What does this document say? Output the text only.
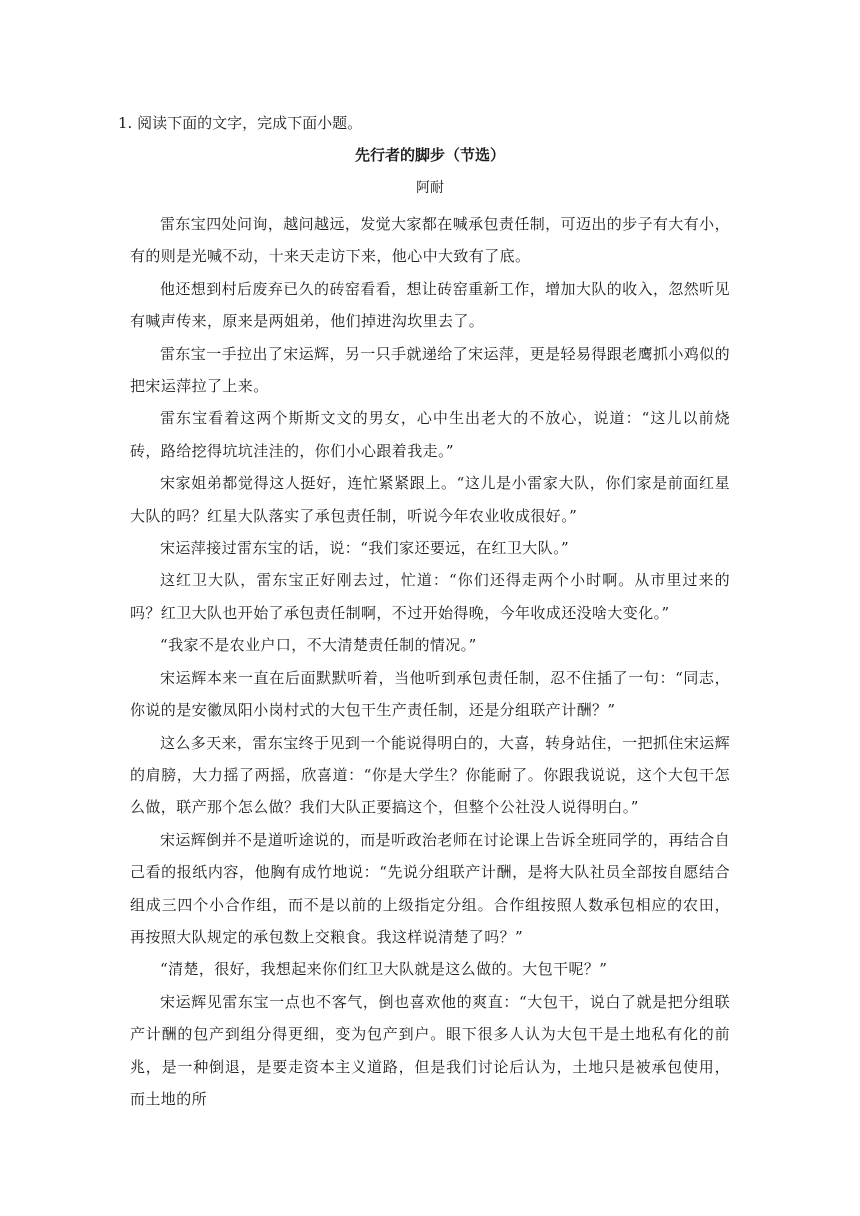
1. 阅读下面的文字，完成下面小题。
先行者的脚步（节选）
阿耐

雷东宝四处问询，越问越远，发觉大家都在喊承包责任制，可迈出的步子有大有小，有的则是光喊不动，十来天走访下来，他心中大致有了底。

他还想到村后废弃已久的砖窑看看，想让砖窑重新工作，增加大队的收入，忽然听见有喊声传来，原来是两姐弟，他们掉进沟坎里去了。

雷东宝一手拉出了宋运辉，另一只手就递给了宋运萍，更是轻易得跟老鹰抓小鸡似的把宋运萍拉了上来。

雷东宝看着这两个斯斯文文的男女，心中生出老大的不放心，说道：“这儿以前烧砖，路给挖得坑坑洼洼的，你们小心跟着我走。”

宋家姐弟都觉得这人挺好，连忙紧紧跟上。“这儿是小雷家大队，你们家是前面红星大队的吗？红星大队落实了承包责任制，听说今年农业收成很好。”

宋运萍接过雷东宝的话，说：“我们家还要远，在红卫大队。”

这红卫大队，雷东宝正好刚去过，忙道：“你们还得走两个小时啊。从市里过来的吗？红卫大队也开始了承包责任制啊，不过开始得晚，今年收成还没啥大变化。”

“我家不是农业户口，不大清楚责任制的情况。”

宋运辉本来一直在后面默默听着，当他听到承包责任制，忍不住插了一句：“同志，你说的是安徽凤阳小岗村式的大包干生产责任制，还是分组联产计酬？”

这么多天来，雷东宝终于见到一个能说得明白的，大喜，转身站住，一把抓住宋运辉的肩膀，大力摇了两摇，欣喜道：“你是大学生？你能耐了。你跟我说说，这个大包干怎么做，联产那个怎么做？我们大队正要搞这个，但整个公社没人说得明白。”

宋运辉倒并不是道听途说的，而是听政治老师在讨论课上告诉全班同学的，再结合自己看的报纸内容，他胸有成竹地说：“先说分组联产计酬，是将大队社员全部按自愿结合组成三四个小合作组，而不是以前的上级指定分组。合作组按照人数承包相应的农田，再按照大队规定的承包数上交粮食。我这样说清楚了吗？”

“清楚，很好，我想起来你们红卫大队就是这么做的。大包干呢？”

宋运辉见雷东宝一点也不客气，倒也喜欢他的爽直：“大包干，说白了就是把分组联产计酬的包产到组分得更细，变为包产到户。眼下很多人认为大包干是土地私有化的前兆，是一种倒退，是要走资本主义道路，但是我们讨论后认为，土地只是被承包使用，而土地的所
